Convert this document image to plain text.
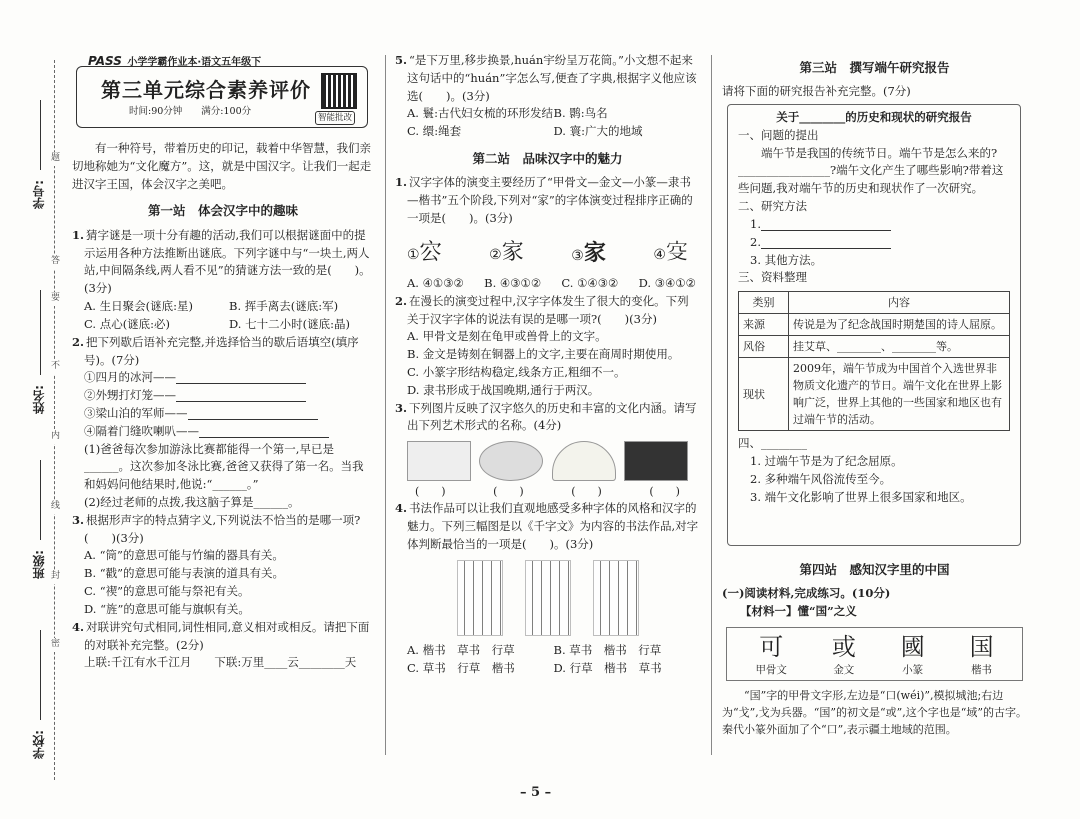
学号:
姓名:
班级:
学校:
题
答
要
不
内
线
封
密
PASS 小学学霸作业本·语文五年级下
第三单元综合素养评价
时间:90分钟　　满分:100分
智能批改

有一种符号，带着历史的印记，载着中华智慧，我们亲切地称她为“文化魔方”。这，就是中国汉字。让我们一起走进汉字王国，体会汉字之美吧。

第一站　体会汉字中的趣味
1. 猜字谜是一项十分有趣的活动,我们可以根据谜面中的提示运用各种方法推断出谜底。下列字谜中与“一块土,两人站,中间隔条线,两人看不见”的猜谜方法一致的是(　　)。(3分)
A. 生日聚会(谜底:星)	B. 挥手离去(谜底:军)
C. 点心(谜底:必)	D. 七十二小时(谜底:晶)
2. 把下列歇后语补充完整,并选择恰当的歇后语填空(填序号)。(7分)
①四月的冰河——
②外甥打灯笼——
③梁山泊的军师——
④隔着门缝吹喇叭——
(1)爸爸每次参加游泳比赛都能得一个第一,早已是______。这次参加冬泳比赛,爸爸又获得了第一名。当我和妈妈问他结果时,他说:“______。”
(2)经过老师的点拨,我这脑子算是______。
3. 根据形声字的特点猜字义,下列说法不恰当的是哪一项?(　　)(3分)
A. “筒”的意思可能与竹编的器具有关。
B. “戳”的意思可能与表演的道具有关。
C. “禊”的意思可能与祭祀有关。
D. “旌”的意思可能与旗帜有关。
4. 对联讲究句式相同,词性相同,意义相对或相反。请把下面的对联补充完整。(2分)
上联:千江有水千江月　　下联:万里____云________天
5. “是下万里,移步换景,huán宇纷呈万花筒。”小文想不起来这句话中的“huán”字怎么写,便查了字典,根据字义他应该选(　　)。(3分)
A. 鬟:古代妇女梳的环形发结 B. 鹮:鸟名
C. 缳:绳套	D. 寰:广大的地域
第二站　品味汉字中的魅力
1. 汉字字体的演变主要经历了“甲骨文—金文—小篆—隶书—楷书”五个阶段,下列对“家”的字体演变过程排序正确的一项是(　　)。(3分)
①㝐	②家	③家	④𡧔
A. ④①③② B. ④③①② C. ①④③② D. ③④①②
2. 在漫长的演变过程中,汉字字体发生了很大的变化。下列关于汉字字体的说法有误的是哪一项?(　　)(3分)
A. 甲骨文是刻在龟甲或兽骨上的文字。
B. 金文是铸刻在铜器上的文字,主要在商周时期使用。
C. 小篆字形结构稳定,线条方正,粗细不一。
D. 隶书形成于战国晚期,通行于两汉。
3. 下列图片反映了汉字悠久的历史和丰富的文化内涵。请写出下列艺术形式的名称。(4分)
(　　)	(　　)	(　　)	(　　)
4. 书法作品可以让我们直观地感受多种字体的风格和汉字的魅力。下列三幅图是以《千字文》为内容的书法作品,对字体判断最恰当的一项是(　　)。(3分)
A. 楷书　草书　行草	B. 草书　楷书　行草
C. 草书　行草　楷书	D. 行草　楷书　草书
第三站　撰写端午研究报告
请将下面的研究报告补充完整。(7分)
关于________的历史和现状的研究报告
一、问题的提出
端午节是我国的传统节日。端午节是怎么来的?________________?端午文化产生了哪些影响?带着这些问题,我对端午节的历史和现状作了一次研究。
二、研究方法
1.
2.
3. 其他方法。
三、资料整理
类别	内容
来源	传说是为了纪念战国时期楚国的诗人屈原。
风俗	挂艾草、________、________等。
现状	2009年，端午节成为中国首个入选世界非物质文化遗产的节日。端午文化在世界上影响广泛，世界上其他的一些国家和地区也有过端午节的活动。
四、________
1. 过端午节是为了纪念屈原。
2. 多种端午风俗流传至今。
3. 端午文化影响了世界上很多国家和地区。
第四站　感知汉字里的中国
(一)阅读材料,完成练习。(10分)
【材料一】懂“国”之义
可
甲骨文
或
金文
國
小篆
国
楷书

“国”字的甲骨文字形,左边是“口(wéi)”,模拟城池;右边为“戈”,戈为兵器。“国”的初文是“或”,这个字也是“域”的古字。秦代小篆外面加了个“口”,表示疆土地域的范围。

– 5 –
